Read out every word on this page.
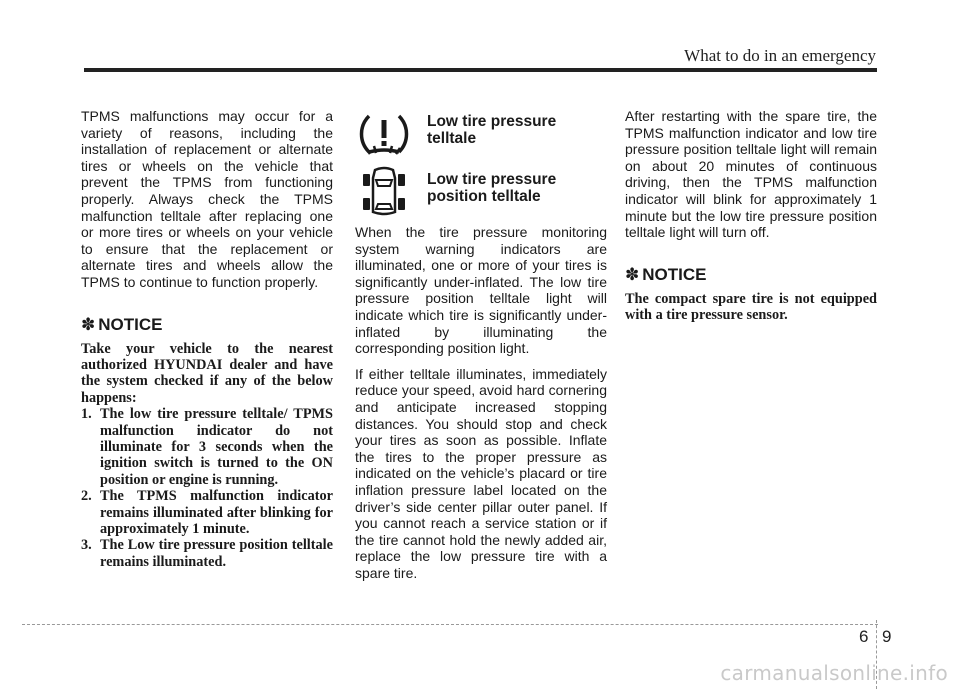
What to do in an emergency

TPMS malfunctions may occur for a variety of reasons, including the installation of replacement or alternate tires or wheels on the vehicle that prevent the TPMS from functioning properly. Always check the TPMS malfunction telltale after replacing one or more tires or wheels on your vehicle to ensure that the replacement or alternate tires and wheels allow the TPMS to continue to function properly.

✽ NOTICE

Take your vehicle to the nearest authorized HYUNDAI dealer and have the system checked if any of the below happens:

1. The low tire pressure telltale/ TPMS malfunction indicator do not illuminate for 3 seconds when the ignition switch is turned to the ON position or engine is running.
2. The TPMS malfunction indicator remains illuminated after blinking for approximately 1 minute.
3. The Low tire pressure position telltale remains illuminated.
Low tire pressure telltale
Low tire pressure position telltale

When the tire pressure monitoring system warning indicators are illuminated, one or more of your tires is significantly under-inflated. The low tire pressure position telltale light will indicate which tire is significantly under-inflated by illuminating the corresponding position light.

If either telltale illuminates, immediately reduce your speed, avoid hard cornering and anticipate increased stopping distances. You should stop and check your tires as soon as possible. Inflate the tires to the proper pressure as indicated on the vehicle’s placard or tire inflation pressure label located on the driver’s side center pillar outer panel. If you cannot reach a service station or if the tire cannot hold the newly added air, replace the low pressure tire with a spare tire.

After restarting with the spare tire, the TPMS malfunction indicator and low tire pressure position telltale light will remain on about 20 minutes of continuous driving, then the TPMS malfunction indicator will blink for approximately 1 minute but the low tire pressure position telltale light will turn off.

✽ NOTICE

The compact spare tire is not equipped with a tire pressure sensor.

6 9
carmanualsonline.info
